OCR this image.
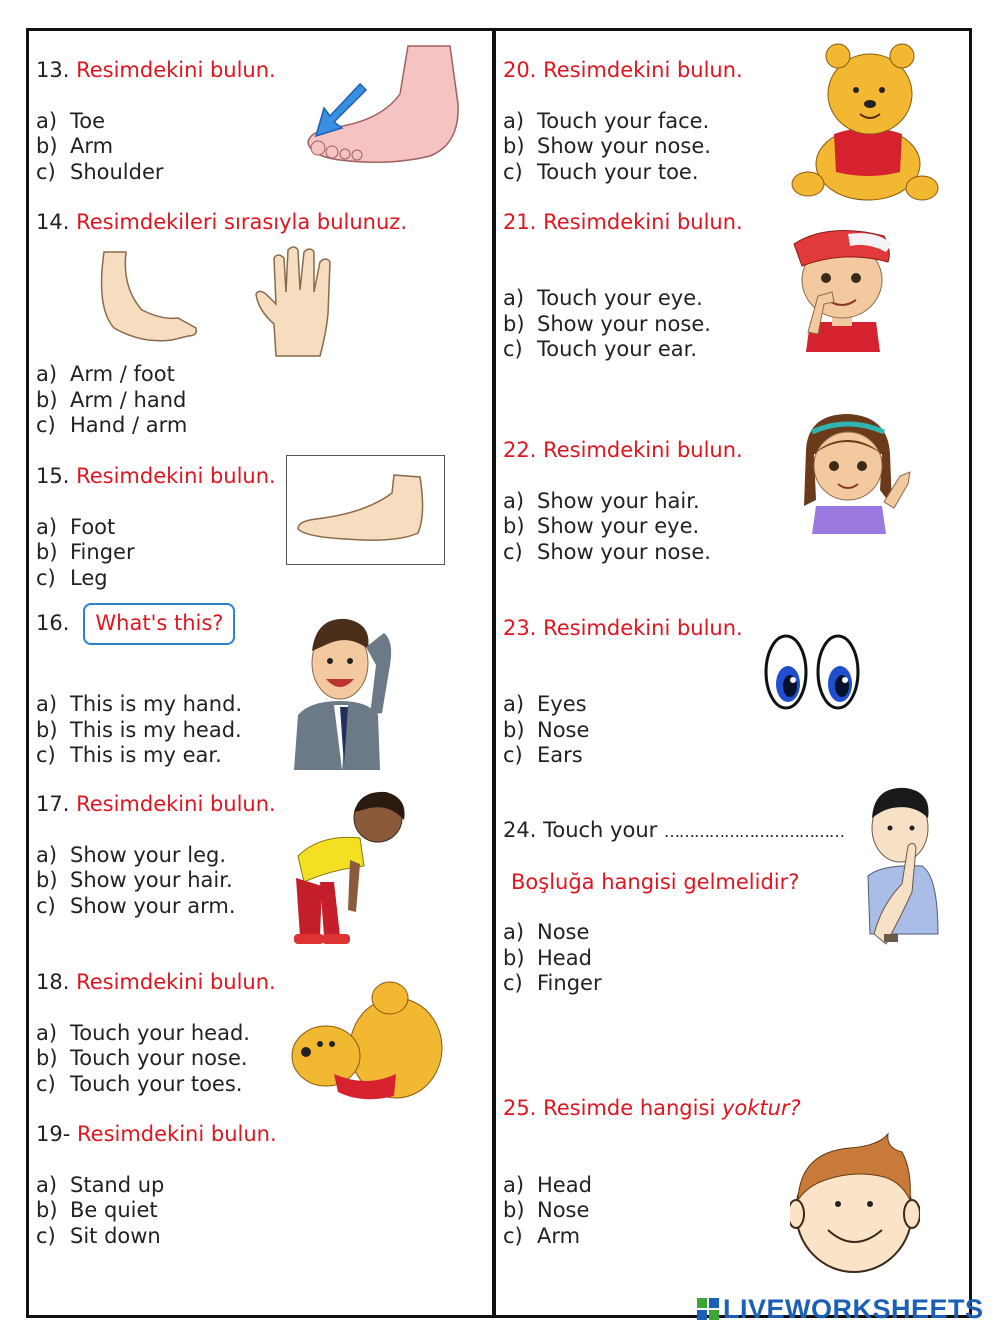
13. Resimdekini bulun.
a) Toe
b) Arm
c) Shoulder
14. Resimdekileri sırasıyla bulunuz.
a) Arm / foot
b) Arm / hand
c) Hand / arm
15. Resimdekini bulun.
a) Foot
b) Finger
c) Leg
16. What's this?
a) This is my hand.
b) This is my head.
c) This is my ear.
17. Resimdekini bulun.
a) Show your leg.
b) Show your hair.
c) Show your arm.
18. Resimdekini bulun.
a) Touch your head.
b) Touch your nose.
c) Touch your toes.
19- Resimdekini bulun.
a) Stand up
b) Be quiet
c) Sit down
20. Resimdekini bulun.
a) Touch your face.
b) Show your nose.
c) Touch your toe.
21. Resimdekini bulun.
a) Touch your eye.
b) Show your nose.
c) Touch your ear.
22. Resimdekini bulun.
a) Show your hair.
b) Show your eye.
c) Show your nose.
23. Resimdekini bulun.
a) Eyes
b) Nose
c) Ears
24. Touch your ………………………………
Boşluğa hangisi gelmelidir?
a) Nose
b) Head
c) Finger
25. Resimde hangisi yoktur?
a) Head
b) Nose
c) Arm
LIVEWORKSHEETS
